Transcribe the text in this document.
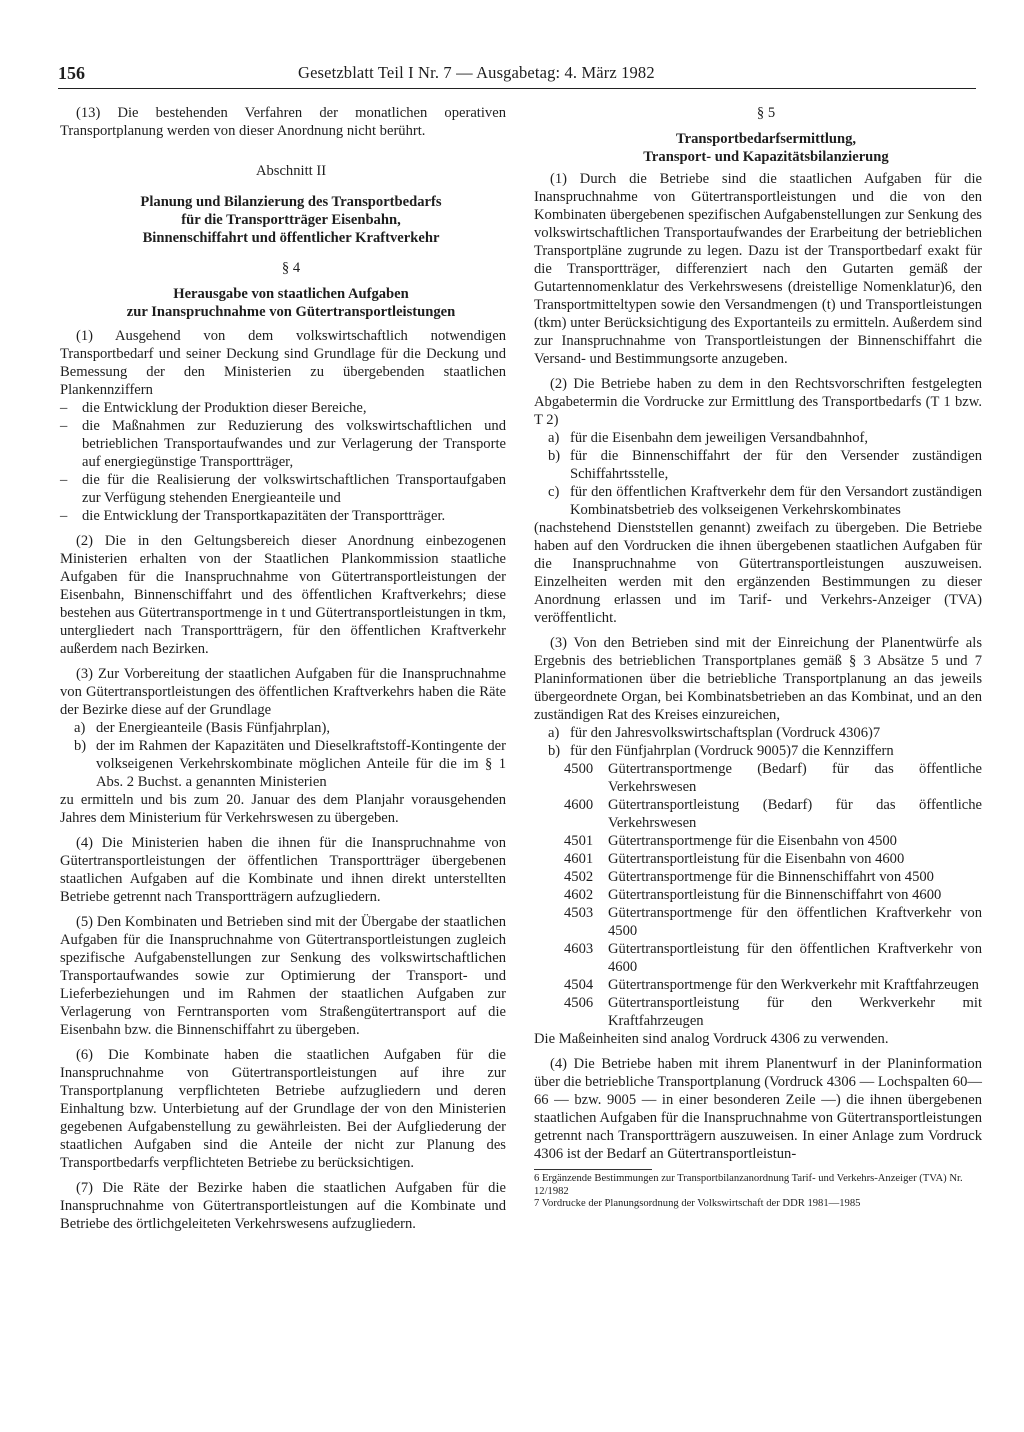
156	Gesetzblatt Teil I Nr. 7 — Ausgabetag: 4. März 1982

(13) Die bestehenden Verfahren der monatlichen operativen Transportplanung werden von dieser Anordnung nicht berührt.

Abschnitt II

Planung und Bilanzierung des Transportbedarfs

für die Transportträger Eisenbahn,

Binnenschiffahrt und öffentlicher Kraftverkehr

§ 4

Herausgabe von staatlichen Aufgaben

zur Inanspruchnahme von Gütertransportleistungen

(1) Ausgehend von dem volkswirtschaftlich notwendigen Transportbedarf und seiner Deckung sind Grundlage für die Deckung und Bemessung der den Ministerien zu übergebenden staatlichen Plankennziffern

– die Entwicklung der Produktion dieser Bereiche,
– die Maßnahmen zur Reduzierung des volkswirtschaftlichen und betrieblichen Transportaufwandes und zur Verlagerung der Transporte auf energiegünstige Transportträger,
– die für die Realisierung der volkswirtschaftlichen Transportaufgaben zur Verfügung stehenden Energieanteile und
– die Entwicklung der Transportkapazitäten der Transportträger.

(2) Die in den Geltungsbereich dieser Anordnung einbezogenen Ministerien erhalten von der Staatlichen Plankommission staatliche Aufgaben für die Inanspruchnahme von Gütertransportleistungen der Eisenbahn, Binnenschiffahrt und des öffentlichen Kraftverkehrs; diese bestehen aus Gütertransportmenge in t und Gütertransportleistungen in tkm, untergliedert nach Transportträgern, für den öffentlichen Kraftverkehr außerdem nach Bezirken.

(3) Zur Vorbereitung der staatlichen Aufgaben für die Inanspruchnahme von Gütertransportleistungen des öffentlichen Kraftverkehrs haben die Räte der Bezirke diese auf der Grundlage

a) der Energieanteile (Basis Fünfjahrplan),
b) der im Rahmen der Kapazitäten und Dieselkraftstoff-Kontingente der volkseigenen Verkehrskombinate möglichen Anteile für die im § 1 Abs. 2 Buchst. a genannten Ministerien

zu ermitteln und bis zum 20. Januar des dem Planjahr vorausgehenden Jahres dem Ministerium für Verkehrswesen zu übergeben.

(4) Die Ministerien haben die ihnen für die Inanspruchnahme von Gütertransportleistungen der öffentlichen Transportträger übergebenen staatlichen Aufgaben auf die Kombinate und ihnen direkt unterstellten Betriebe getrennt nach Transportträgern aufzugliedern.

(5) Den Kombinaten und Betrieben sind mit der Übergabe der staatlichen Aufgaben für die Inanspruchnahme von Gütertransportleistungen zugleich spezifische Aufgabenstellungen zur Senkung des volkswirtschaftlichen Transportaufwandes sowie zur Optimierung der Transport- und Lieferbeziehungen und im Rahmen der staatlichen Aufgaben zur Verlagerung von Ferntransporten vom Straßengütertransport auf die Eisenbahn bzw. die Binnenschiffahrt zu übergeben.

(6) Die Kombinate haben die staatlichen Aufgaben für die Inanspruchnahme von Gütertransportleistungen auf ihre zur Transportplanung verpflichteten Betriebe aufzugliedern und deren Einhaltung bzw. Unterbietung auf der Grundlage der von den Ministerien gegebenen Aufgabenstellung zu gewährleisten. Bei der Aufgliederung der staatlichen Aufgaben sind die Anteile der nicht zur Planung des Transportbedarfs verpflichteten Betriebe zu berücksichtigen.

(7) Die Räte der Bezirke haben die staatlichen Aufgaben für die Inanspruchnahme von Gütertransportleistungen auf die Kombinate und Betriebe des örtlichgeleiteten Verkehrswesens aufzugliedern.

§ 5

Transportbedarfsermittlung,

Transport- und Kapazitätsbilanzierung

(1) Durch die Betriebe sind die staatlichen Aufgaben für die Inanspruchnahme von Gütertransportleistungen und die von den Kombinaten übergebenen spezifischen Aufgabenstellungen zur Senkung des volkswirtschaftlichen Transportaufwandes der Erarbeitung der betrieblichen Transportpläne zugrunde zu legen. Dazu ist der Transportbedarf exakt für die Transportträger, differenziert nach den Gutarten gemäß der Gutartennomenklatur des Verkehrswesens (dreistellige Nomenklatur)6, den Transportmitteltypen sowie den Versandmengen (t) und Transportleistungen (tkm) unter Berücksichtigung des Exportanteils zu ermitteln. Außerdem sind zur Inanspruchnahme von Transportleistungen der Binnenschiffahrt die Versand- und Bestimmungsorte anzugeben.

(2) Die Betriebe haben zu dem in den Rechtsvorschriften festgelegten Abgabetermin die Vordrucke zur Ermittlung des Transportbedarfs (T 1 bzw. T 2)

a) für die Eisenbahn dem jeweiligen Versandbahnhof,
b) für die Binnenschiffahrt der für den Versender zuständigen Schiffahrtsstelle,
c) für den öffentlichen Kraftverkehr dem für den Versandort zuständigen Kombinatsbetrieb des volkseigenen Verkehrskombinates

(nachstehend Dienststellen genannt) zweifach zu übergeben. Die Betriebe haben auf den Vordrucken die ihnen übergebenen staatlichen Aufgaben für die Inanspruchnahme von Gütertransportleistungen auszuweisen. Einzelheiten werden mit den ergänzenden Bestimmungen zu dieser Anordnung erlassen und im Tarif- und Verkehrs-Anzeiger (TVA) veröffentlicht.

(3) Von den Betrieben sind mit der Einreichung der Planentwürfe als Ergebnis des betrieblichen Transportplanes gemäß § 3 Absätze 5 und 7 Planinformationen über die betriebliche Transportplanung an das jeweils übergeordnete Organ, bei Kombinatsbetrieben an das Kombinat, und an den zuständigen Rat des Kreises einzureichen,

a) für den Jahresvolkswirtschaftsplan (Vordruck 4306)7
b) für den Fünfjahrplan (Vordruck 9005)7 die Kennziffern
4500	Gütertransportmenge (Bedarf) für das öffentliche Verkehrswesen
4600	Gütertransportleistung (Bedarf) für das öffentliche Verkehrswesen
4501	Gütertransportmenge für die Eisenbahn von 4500
4601	Gütertransportleistung für die Eisenbahn von 4600
4502	Gütertransportmenge für die Binnenschiffahrt von 4500
4602	Gütertransportleistung für die Binnenschiffahrt von 4600
4503	Gütertransportmenge für den öffentlichen Kraftverkehr von 4500
4603	Gütertransportleistung für den öffentlichen Kraftverkehr von 4600
4504	Gütertransportmenge für den Werkverkehr mit Kraftfahrzeugen
4506	Gütertransportleistung für den Werkverkehr mit Kraftfahrzeugen

Die Maßeinheiten sind analog Vordruck 4306 zu verwenden.

(4) Die Betriebe haben mit ihrem Planentwurf in der Planinformation über die betriebliche Transportplanung (Vordruck 4306 — Lochspalten 60—66 — bzw. 9005 — in einer besonderen Zeile —) die ihnen übergebenen staatlichen Aufgaben für die Inanspruchnahme von Gütertransportleistungen getrennt nach Transportträgern auszuweisen. In einer Anlage zum Vordruck 4306 ist der Bedarf an Gütertransportleistun-

6 Ergänzende Bestimmungen zur Transportbilanzanordnung Tarif- und Verkehrs-Anzeiger (TVA) Nr. 12/1982

7 Vordrucke der Planungsordnung der Volkswirtschaft der DDR 1981—1985
